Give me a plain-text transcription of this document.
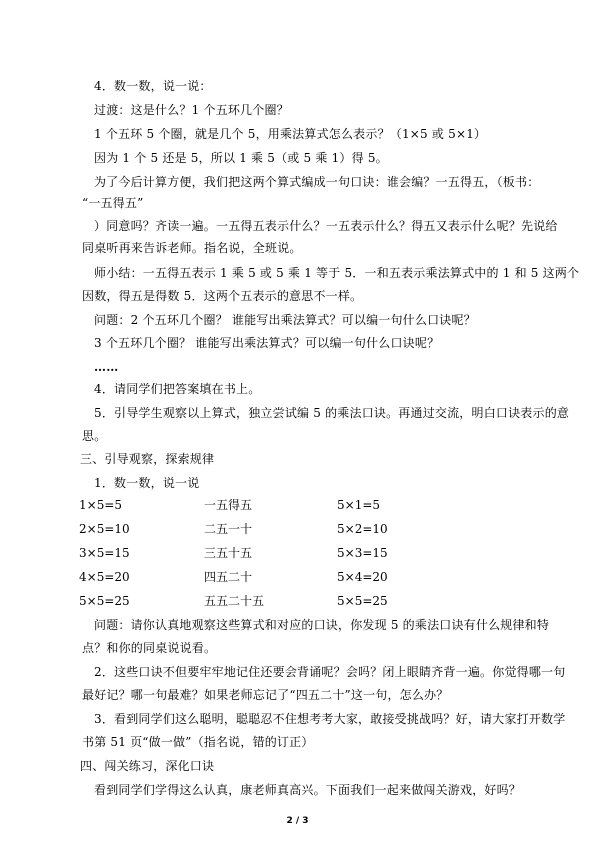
4．数一数，说一说：
过渡：这是什么？1 个五环几个圈？
1 个五环 5 个圈，就是几个 5，用乘法算式怎么表示？（1×5 或 5×1）
因为 1 个 5 还是 5，所以 1 乘 5（或 5 乘 1）得 5。
为了今后计算方便，我们把这两个算式编成一句口诀：谁会编？一五得五，（板书：
“一五得五”
）同意吗？齐读一遍。一五得五表示什么？一五表示什么？得五又表示什么呢？先说给
同桌听再来告诉老师。指名说，全班说。
师小结：一五得五表示 1 乘 5 或 5 乘 1 等于 5．一和五表示乘法算式中的 1 和 5 这两个
因数，得五是得数 5．这两个五表示的意思不一样。
问题：2 个五环几个圈？ 谁能写出乘法算式？可以编一句什么口诀呢？
3 个五环几个圈？ 谁能写出乘法算式？可以编一句什么口诀呢？
……
4．请同学们把答案填在书上。
5．引导学生观察以上算式，独立尝试编 5 的乘法口诀。再通过交流，明白口诀表示的意
思。
三、引导观察，探索规律
1．数一数，说一说
1×5=5	一五得五	5×1=5
2×5=10	二五一十	5×2=10
3×5=15	三五十五	5×3=15
4×5=20	四五二十	5×4=20
5×5=25	五五二十五	5×5=25
问题：请你认真地观察这些算式和对应的口诀，你发现 5 的乘法口诀有什么规律和特
点？和你的同桌说说看。
2．这些口诀不但要牢牢地记住还要会背诵呢？会吗？闭上眼睛齐背一遍。你觉得哪一句
最好记？哪一句最难？如果老师忘记了“四五二十”这一句，怎么办？
3．看到同学们这么聪明，聪聪忍不住想考考大家，敢接受挑战吗？好，请大家打开数学
书第 51 页“做一做”（指名说，错的订正）
四、闯关练习，深化口诀
看到同学们学得这么认真，康老师真高兴。下面我们一起来做闯关游戏，好吗？
2 / 3
